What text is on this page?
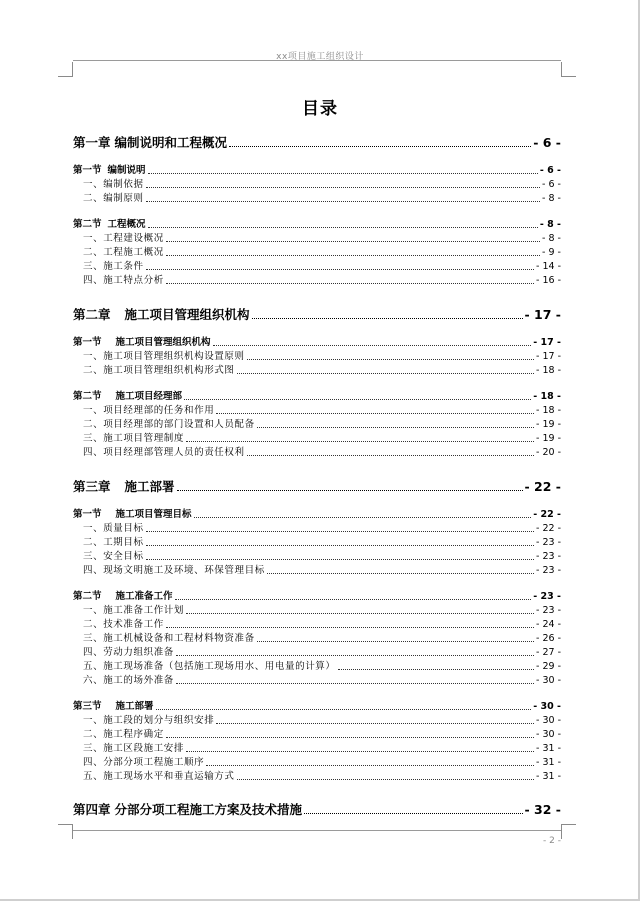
xx项目施工组织设计
目录
第一章 编制说明和工程概况	- 6 -
第一节 编制说明	- 6 -
一、编制依据	- 6 -
二、编制原则	- 8 -
第二节 工程概况	- 8 -
一、工程建设概况	- 8 -
二、工程施工概况	- 9 -
三、施工条件	- 14 -
四、施工特点分析	- 16 -
第二章 施工项目管理组织机构	- 17 -
第一节 施工项目管理组织机构	- 17 -
一、施工项目管理组织机构设置原则	- 17 -
二、施工项目管理组织机构形式图	- 18 -
第二节 施工项目经理部	- 18 -
一、项目经理部的任务和作用	- 18 -
二、项目经理部的部门设置和人员配备	- 19 -
三、施工项目管理制度	- 19 -
四、项目经理部管理人员的责任权利	- 20 -
第三章 施工部署	- 22 -
第一节 施工项目管理目标	- 22 -
一、质量目标	- 22 -
二、工期目标	- 23 -
三、安全目标	- 23 -
四、现场文明施工及环境、环保管理目标	- 23 -
第二节 施工准备工作	- 23 -
一、施工准备工作计划	- 23 -
二、技术准备工作	- 24 -
三、施工机械设备和工程材料物资准备	- 26 -
四、劳动力组织准备	- 27 -
五、施工现场准备（包括施工现场用水、用电量的计算）	- 29 -
六、施工的场外准备	- 30 -
第三节 施工部署	- 30 -
一、施工段的划分与组织安排	- 30 -
二、施工程序确定	- 30 -
三、施工区段施工安排	- 31 -
四、分部分项工程施工顺序	- 31 -
五、施工现场水平和垂直运输方式	- 31 -
第四章 分部分项工程施工方案及技术措施	- 32 -
- 2 -
